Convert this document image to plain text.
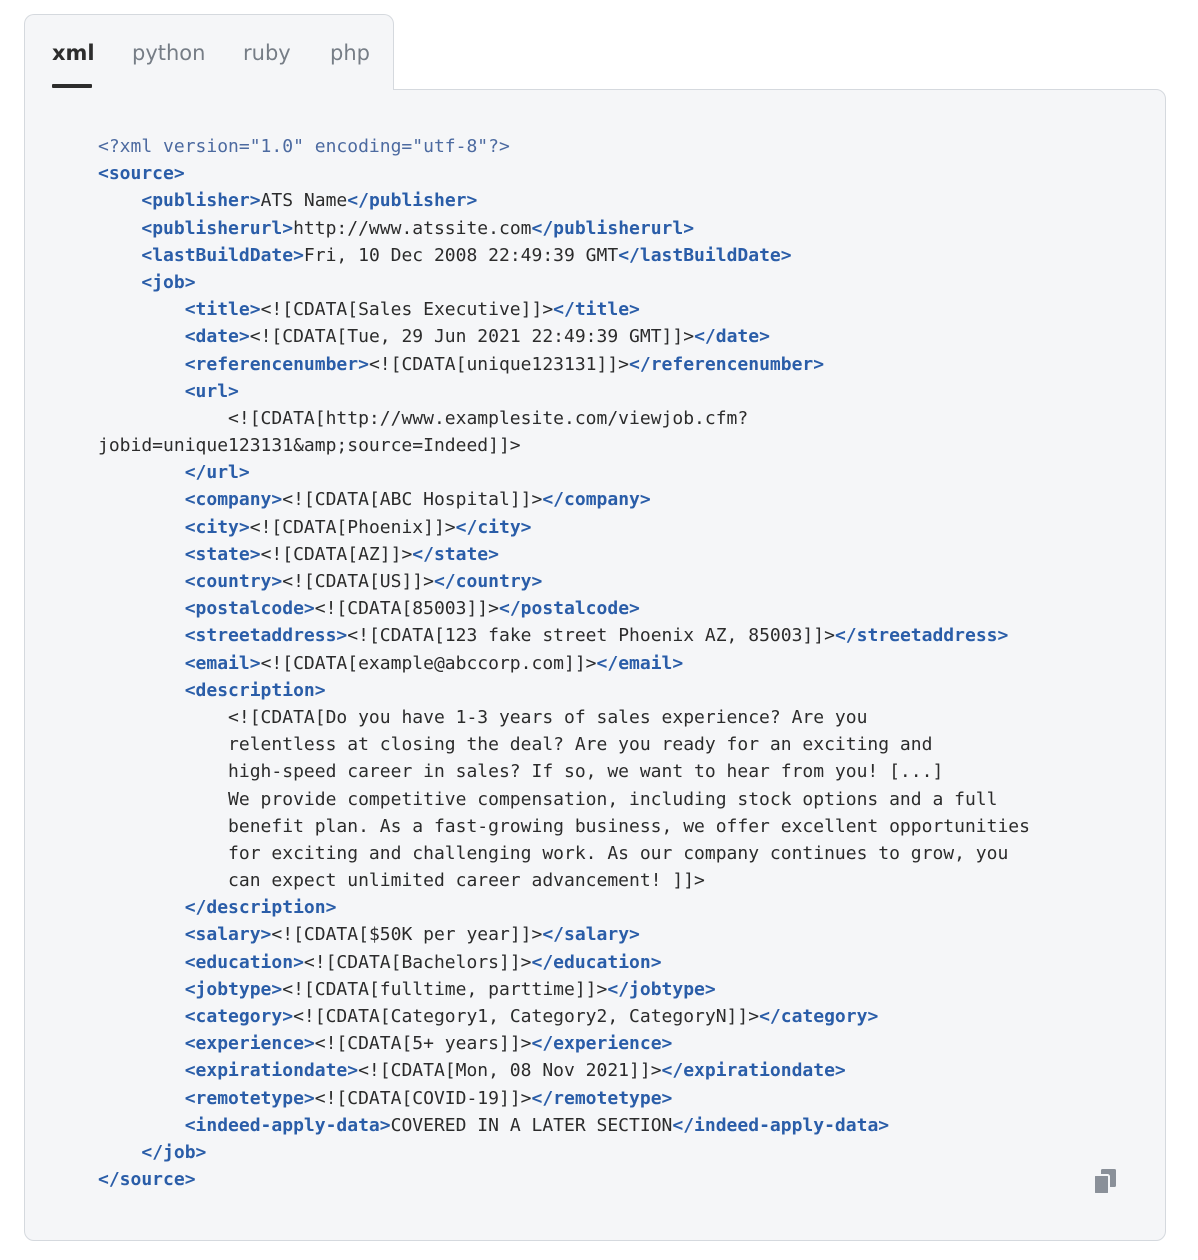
xml python ruby php
<?xml version="1.0" encoding="utf-8"?>
<source>
<publisher>ATS Name</publisher>
<publisherurl>http://www.atssite.com</publisherurl>
<lastBuildDate>Fri, 10 Dec 2008 22:49:39 GMT</lastBuildDate>
<job>
<title><![CDATA[Sales Executive]]></title>
<date><![CDATA[Tue, 29 Jun 2021 22:49:39 GMT]]></date>
<referencenumber><![CDATA[unique123131]]></referencenumber>
<url>
<![CDATA[http://www.examplesite.com/viewjob.cfm?
jobid=unique123131&amp;source=Indeed]]>
</url>
<company><![CDATA[ABC Hospital]]></company>
<city><![CDATA[Phoenix]]></city>
<state><![CDATA[AZ]]></state>
<country><![CDATA[US]]></country>
<postalcode><![CDATA[85003]]></postalcode>
<streetaddress><![CDATA[123 fake street Phoenix AZ, 85003]]></streetaddress>
<email><![CDATA[example@abccorp.com]]></email>
<description>
<![CDATA[Do you have 1-3 years of sales experience? Are you
relentless at closing the deal? Are you ready for an exciting and
high-speed career in sales? If so, we want to hear from you! [...]
We provide competitive compensation, including stock options and a full
benefit plan. As a fast-growing business, we offer excellent opportunities
for exciting and challenging work. As our company continues to grow, you
can expect unlimited career advancement! ]]>
</description>
<salary><![CDATA[$50K per year]]></salary>
<education><![CDATA[Bachelors]]></education>
<jobtype><![CDATA[fulltime, parttime]]></jobtype>
<category><![CDATA[Category1, Category2, CategoryN]]></category>
<experience><![CDATA[5+ years]]></experience>
<expirationdate><![CDATA[Mon, 08 Nov 2021]]></expirationdate>
<remotetype><![CDATA[COVID-19]]></remotetype>
<indeed-apply-data>COVERED IN A LATER SECTION</indeed-apply-data>
</job>
</source>
